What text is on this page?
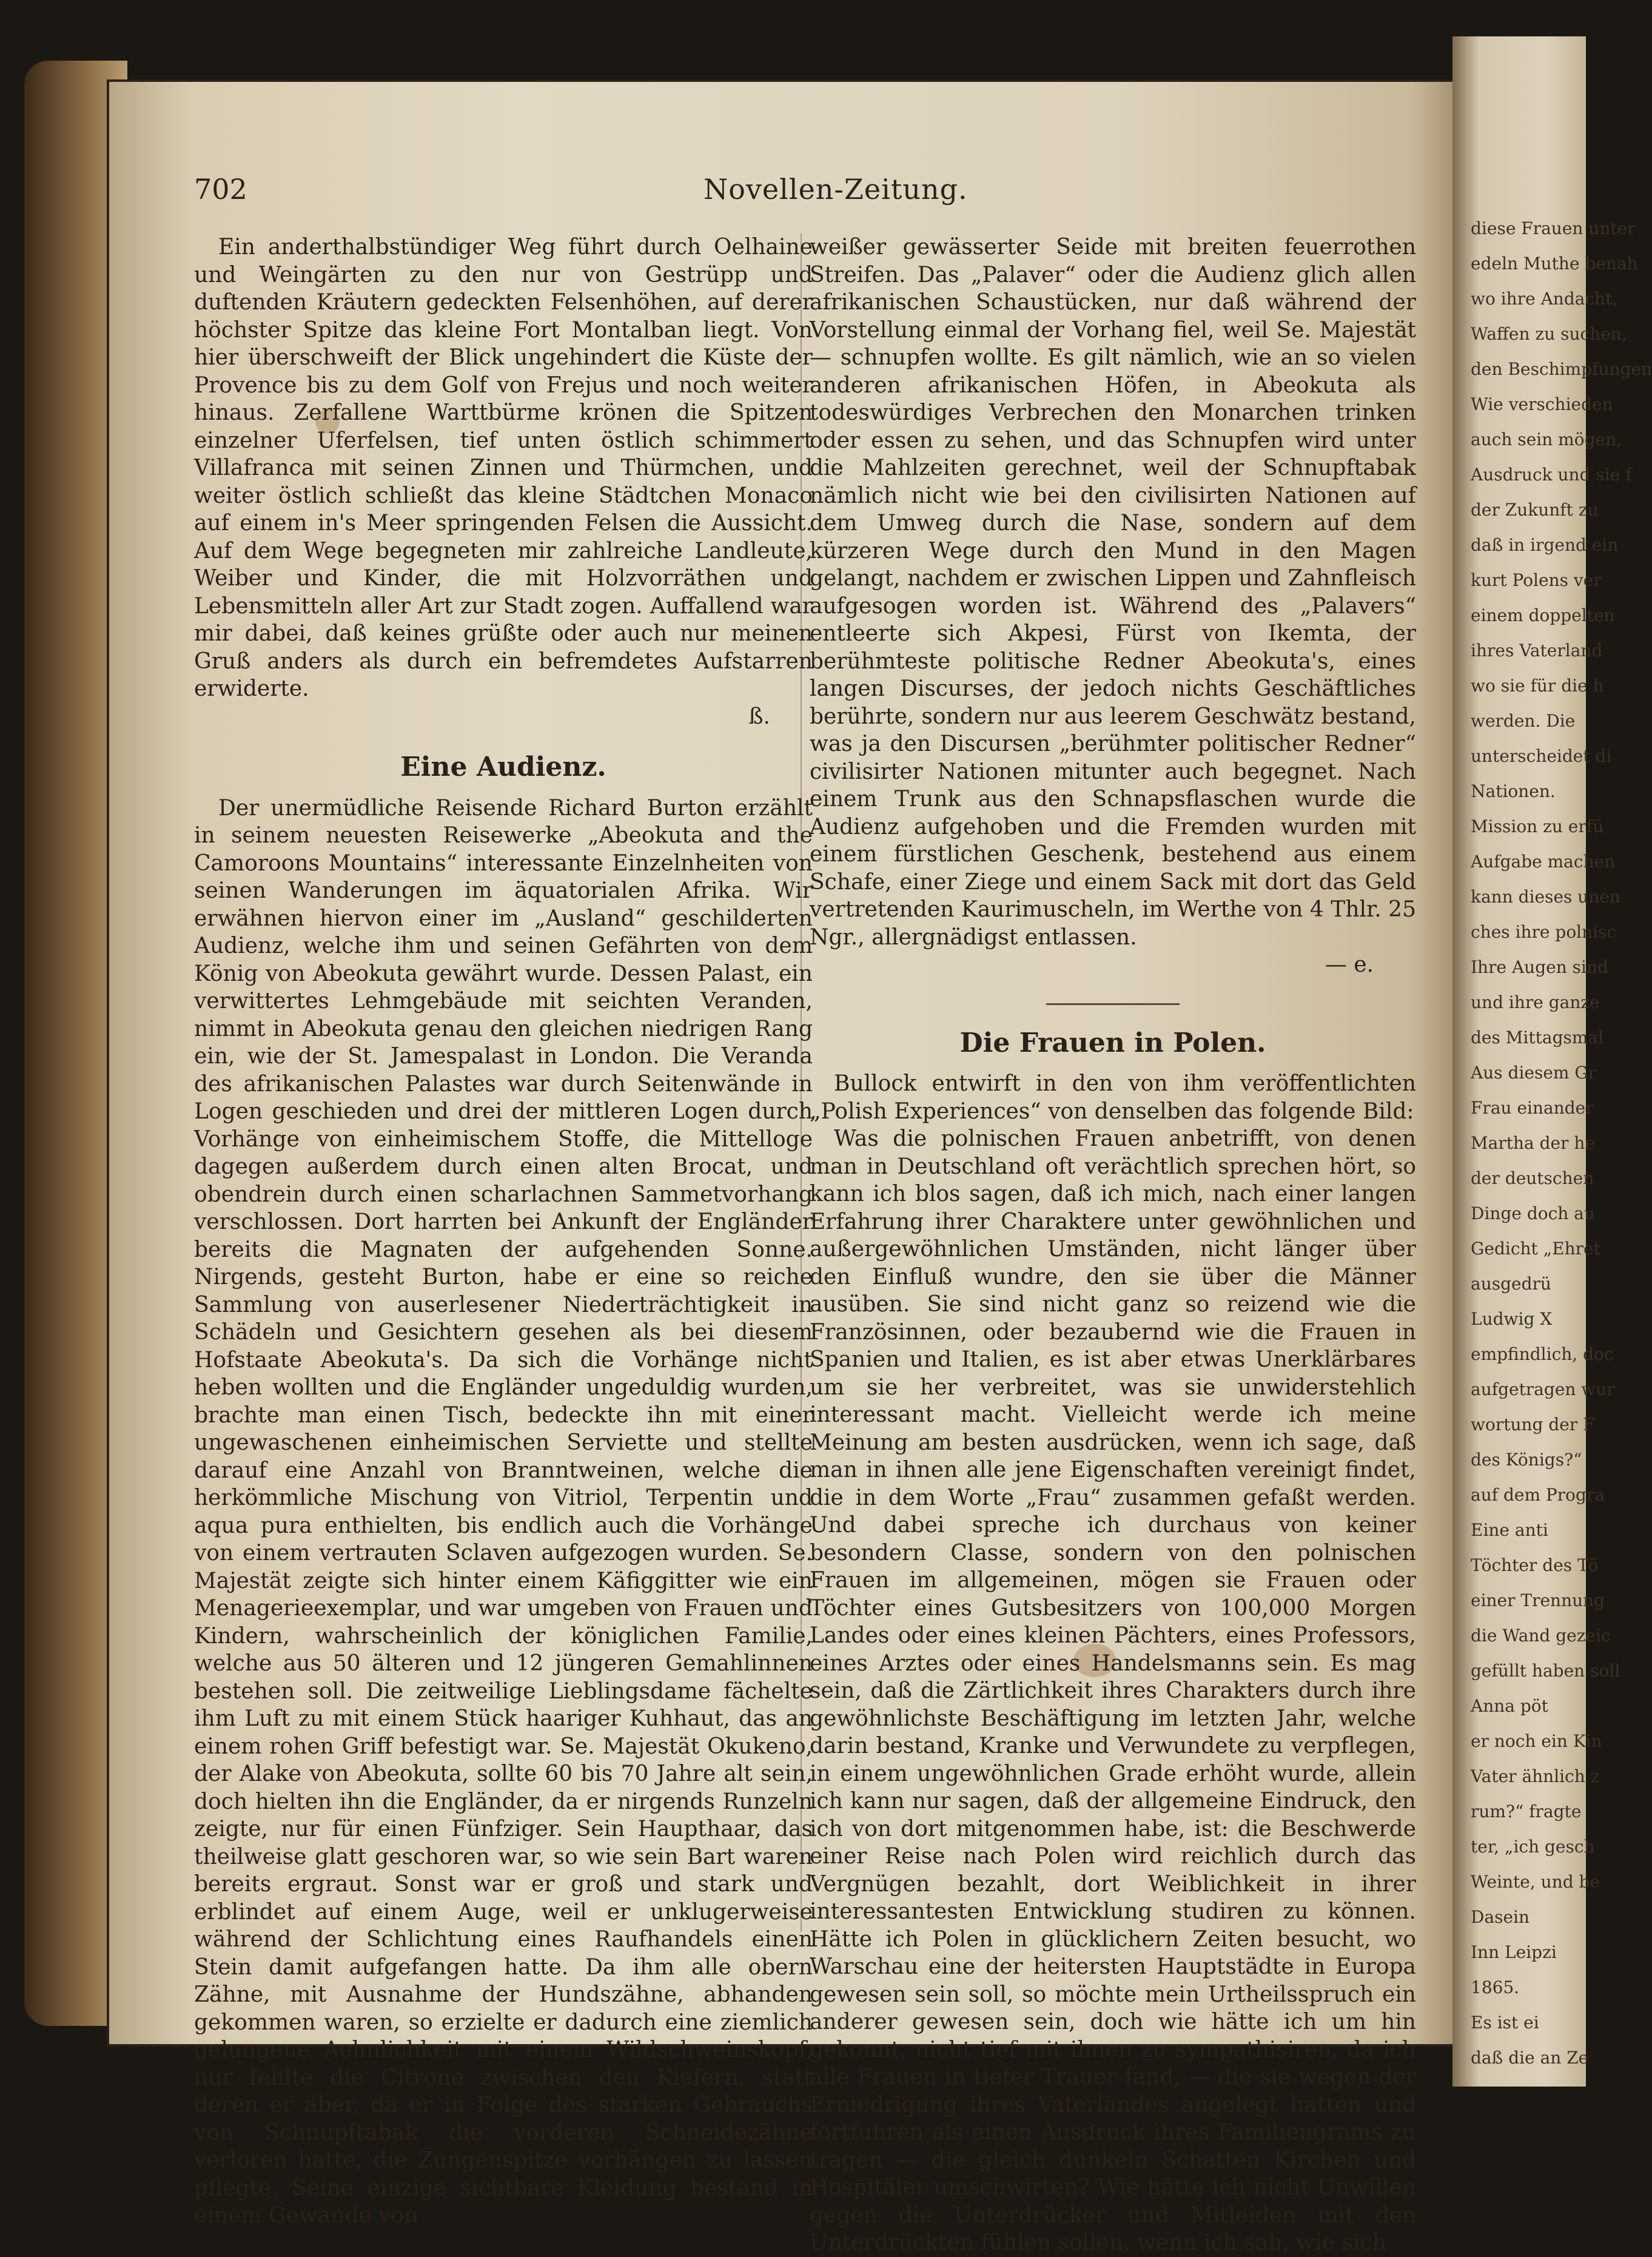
702	Novellen-Zeitung.

Ein anderthalbstündiger Weg führt durch Oelhaine und Weingärten zu den nur von Gestrüpp und duftenden Kräutern gedeckten Felsenhöhen, auf derer höchster Spitze das kleine Fort Montalban liegt. Von hier überschweift der Blick ungehindert die Küste der Provence bis zu dem Golf von Frejus und noch weiter hinaus. Zerfallene Warttbürme krönen die Spitzen einzelner Uferfelsen, tief unten östlich schimmert Villafranca mit seinen Zinnen und Thürmchen, und weiter östlich schließt das kleine Städtchen Monaco auf einem in's Meer springenden Felsen die Aussicht. Auf dem Wege begegneten mir zahlreiche Landleute, Weiber und Kinder, die mit Holzvorräthen und Lebensmitteln aller Art zur Stadt zogen. Auffallend war mir dabei, daß keines grüßte oder auch nur meinen Gruß anders als durch ein befremdetes Aufstarren erwiderte.

ß.

Eine Audienz.

Der unermüdliche Reisende Richard Burton erzählt in seinem neuesten Reisewerke „Abeokuta and the Camoroons Mountains“ interessante Einzelnheiten von seinen Wanderungen im äquatorialen Afrika. Wir erwähnen hiervon einer im „Ausland“ geschilderten Audienz, welche ihm und seinen Gefährten von dem König von Abeokuta gewährt wurde. Dessen Palast, ein verwittertes Lehmgebäude mit seichten Veranden, nimmt in Abeokuta genau den gleichen niedrigen Rang ein, wie der St. Jamespalast in London. Die Veranda des afrikanischen Palastes war durch Seitenwände in Logen geschieden und drei der mittleren Logen durch Vorhänge von einheimischem Stoffe, die Mittelloge dagegen außerdem durch einen alten Brocat, und obendrein durch einen scharlachnen Sammetvorhang verschlossen. Dort harrten bei Ankunft der Engländer bereits die Magnaten der aufgehenden Sonne. Nirgends, gesteht Burton, habe er eine so reiche Sammlung von auserlesener Niederträchtigkeit in Schädeln und Gesichtern gesehen als bei diesem Hofstaate Abeokuta's. Da sich die Vorhänge nicht heben wollten und die Engländer ungeduldig wurden, brachte man einen Tisch, bedeckte ihn mit einer ungewaschenen einheimischen Serviette und stellte darauf eine Anzahl von Branntweinen, welche die herkömmliche Mischung von Vitriol, Terpentin und aqua pura enthielten, bis endlich auch die Vorhänge von einem vertrauten Sclaven aufgezogen wurden. Se. Majestät zeigte sich hinter einem Käfiggitter wie ein Menagerieexemplar, und war umgeben von Frauen und Kindern, wahrscheinlich der königlichen Familie, welche aus 50 älteren und 12 jüngeren Gemahlinnen bestehen soll. Die zeitweilige Lieblingsdame fächelte ihm Luft zu mit einem Stück haariger Kuhhaut, das an einem rohen Griff befestigt war. Se. Majestät Okukeno, der Alake von Abeokuta, sollte 60 bis 70 Jahre alt sein, doch hielten ihn die Engländer, da er nirgends Runzeln zeigte, nur für einen Fünfziger. Sein Haupthaar, das theilweise glatt geschoren war, so wie sein Bart waren bereits ergraut. Sonst war er groß und stark und erblindet auf einem Auge, weil er unklugerweise während der Schlichtung eines Raufhandels einen Stein damit aufgefangen hatte. Da ihm alle obern Zähne, mit Ausnahme der Hundszähne, abhanden gekommen waren, so erzielte er dadurch eine ziemlich gelungene Aehnlichkeit mit einem Wildschweinskopf, nur fehlte die Citrone zwischen den Kiefern, statt deren er aber, da er in Folge des starken Gebrauchs von Schnupftabak die vorderen Schneidezähne verloren hatte, die Zungenspitze vorhängen zu lassen pflegte. Seine einzige sichtbare Kleidung bestand in einem Gewande von

weißer gewässerter Seide mit breiten feuerrothen Streifen. Das „Palaver“ oder die Audienz glich allen afrikanischen Schaustücken, nur daß während der Vorstellung einmal der Vorhang fiel, weil Se. Majestät — schnupfen wollte. Es gilt nämlich, wie an so vielen anderen afrikanischen Höfen, in Abeokuta als todeswürdiges Verbrechen den Monarchen trinken oder essen zu sehen, und das Schnupfen wird unter die Mahlzeiten gerechnet, weil der Schnupftabak nämlich nicht wie bei den civilisirten Nationen auf dem Umweg durch die Nase, sondern auf dem kürzeren Wege durch den Mund in den Magen gelangt, nachdem er zwischen Lippen und Zahnfleisch aufgesogen worden ist. Während des „Palavers“ entleerte sich Akpesi, Fürst von Ikemta, der berühmteste politische Redner Abeokuta's, eines langen Discurses, der jedoch nichts Geschäftliches berührte, sondern nur aus leerem Geschwätz bestand, was ja den Discursen „berühmter politischer Redner“ civilisirter Nationen mitunter auch begegnet. Nach einem Trunk aus den Schnapsflaschen wurde die Audienz aufgehoben und die Fremden wurden mit einem fürstlichen Geschenk, bestehend aus einem Schafe, einer Ziege und einem Sack mit dort das Geld vertretenden Kaurimuscheln, im Werthe von 4 Thlr. 25 Ngr., allergnädigst entlassen.

— e.

Die Frauen in Polen.

Bullock entwirft in den von ihm veröffentlichten „Polish Experiences“ von denselben das folgende Bild:

Was die polnischen Frauen anbetrifft, von denen man in Deutschland oft verächtlich sprechen hört, so kann ich blos sagen, daß ich mich, nach einer langen Erfahrung ihrer Charaktere unter gewöhnlichen und außergewöhnlichen Umständen, nicht länger über den Einfluß wundre, den sie über die Männer ausüben. Sie sind nicht ganz so reizend wie die Französinnen, oder bezaubernd wie die Frauen in Spanien und Italien, es ist aber etwas Unerklärbares um sie her verbreitet, was sie unwiderstehlich interessant macht. Vielleicht werde ich meine Meinung am besten ausdrücken, wenn ich sage, daß man in ihnen alle jene Eigenschaften vereinigt findet, die in dem Worte „Frau“ zusammen gefaßt werden. Und dabei spreche ich durchaus von keiner besondern Classe, sondern von den polnischen Frauen im allgemeinen, mögen sie Frauen oder Töchter eines Gutsbesitzers von 100,000 Morgen Landes oder eines kleinen Pächters, eines Professors, eines Arztes oder eines Handelsmanns sein. Es mag sein, daß die Zärtlichkeit ihres Charakters durch ihre gewöhnlichste Beschäftigung im letzten Jahr, welche darin bestand, Kranke und Verwundete zu verpflegen, in einem ungewöhnlichen Grade erhöht wurde, allein ich kann nur sagen, daß der allgemeine Eindruck, den ich von dort mitgenommen habe, ist: die Beschwerde einer Reise nach Polen wird reichlich durch das Vergnügen bezahlt, dort Weiblichkeit in ihrer interessantesten Entwicklung studiren zu können. Hätte ich Polen in glücklichern Zeiten besucht, wo Warschau eine der heitersten Hauptstädte in Europa gewesen sein soll, so möchte mein Urtheilsspruch ein anderer gewesen sein, doch wie hätte ich um hin gekonnt, nicht tief mit ihnen zu sympathisiren, da ich alle Frauen in tiefer Trauer fand, — die sie wegen der Erniedrigung ihres Vaterlandes angelegt hatten und fortfuhren als einen Ausdruck ihres Familiengrams zu tragen — die gleich dunkeln Schatten Kirchen und Hospitäler umschwirten? Wie hätte ich nicht Unwillen gegen die Unterdrücker und Mitleiden mit den Unterdrückten fühlen sollen, wenn ich sah, wie sich

diese Frauen unter
edeln Muthe benah
wo ihre Andacht,
Waffen zu suchen,
den Beschimpfungen
Wie verschieden
auch sein mögen,
Ausdruck und sie f
der Zukunft zu
daß in irgend ein
kurt Polens ver
einem doppelten
ihres Vaterland
wo sie für die h
werden. Die
unterscheidet di
Nationen.
Mission zu erfü
Aufgabe machen
kann dieses unen
ches ihre polnisc
Ihre Augen sind
und ihre ganze
des Mittagsmal
Aus diesem Gr
Frau einander
Martha der he
der deutschen
Dinge doch au
Gedicht „Ehret
ausgedrü
Ludwig X
empfindlich, doc
aufgetragen wur
wortung der F
des Königs?“
auf dem Progra
Eine anti
Töchter des Tö
einer Trennung
die Wand gezeic
gefüllt haben soll
Anna pöt
er noch ein Kin
Vater ähnlich z
rum?“ fragte
ter, „ich gesch
Weinte, und be
Dasein
Inn Leipzi
1865.
Es ist ei
daß die an Ze
